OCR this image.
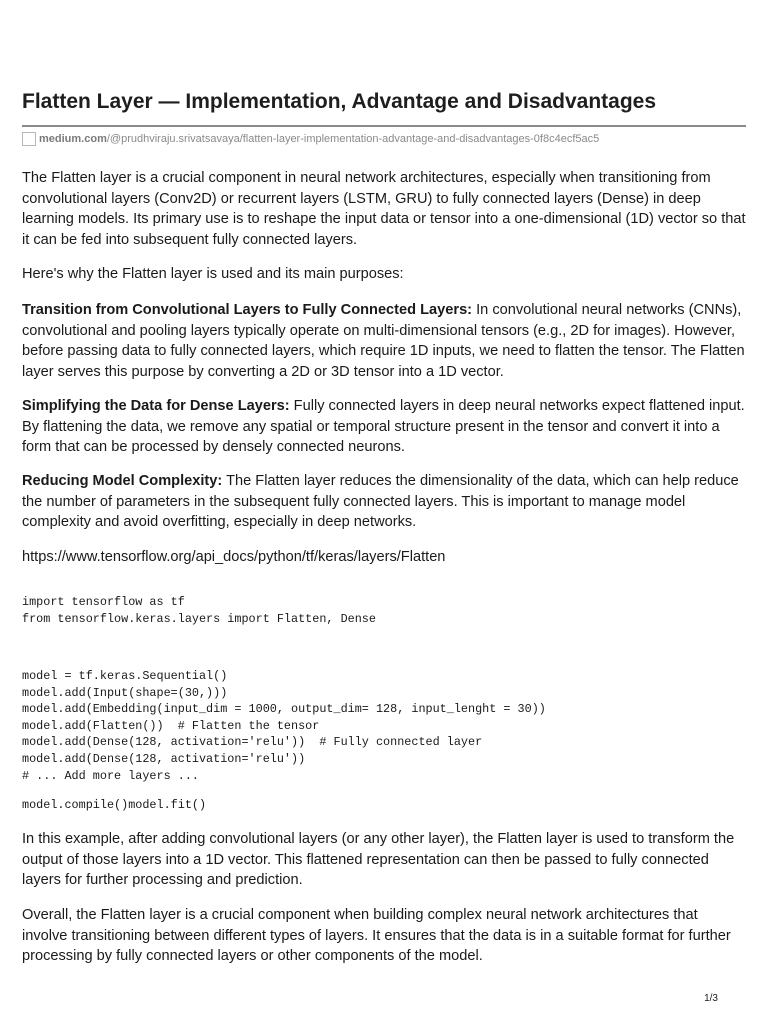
Flatten Layer — Implementation, Advantage and Disadvantages
medium.com /@prudhviraju.srivatsavaya/flatten-layer-implementation-advantage-and-disadvantages-0f8c4ecf5ac5

The Flatten layer is a crucial component in neural network architectures, especially when transitioning from convolutional layers (Conv2D) or recurrent layers (LSTM, GRU) to fully connected layers (Dense) in deep learning models. Its primary use is to reshape the input data or tensor into a one-dimensional (1D) vector so that it can be fed into subsequent fully connected layers.

Here's why the Flatten layer is used and its main purposes:

Transition from Convolutional Layers to Fully Connected Layers: In convolutional neural networks (CNNs), convolutional and pooling layers typically operate on multi-dimensional tensors (e.g., 2D for images). However, before passing data to fully connected layers, which require 1D inputs, we need to flatten the tensor. The Flatten layer serves this purpose by converting a 2D or 3D tensor into a 1D vector.

Simplifying the Data for Dense Layers: Fully connected layers in deep neural networks expect flattened input. By flattening the data, we remove any spatial or temporal structure present in the tensor and convert it into a form that can be processed by densely connected neurons.

Reducing Model Complexity: The Flatten layer reduces the dimensionality of the data, which can help reduce the number of parameters in the subsequent fully connected layers. This is important to manage model complexity and avoid overfitting, especially in deep networks.

https://www.tensorflow.org/api_docs/python/tf/keras/layers/Flatten

import tensorflow as tf
from tensorflow.keras.layers import Flatten, Dense
model = tf.keras.Sequential()
model.add(Input(shape=(30,)))
model.add(Embedding(input_dim = 1000, output_dim= 128, input_lenght = 30))
model.add(Flatten())  # Flatten the tensor
model.add(Dense(128, activation='relu'))  # Fully connected layer
model.add(Dense(128, activation='relu'))
# ... Add more layers ...
model.compile()model.fit()

In this example, after adding convolutional layers (or any other layer), the Flatten layer is used to transform the output of those layers into a 1D vector. This flattened representation can then be passed to fully connected layers for further processing and prediction.

Overall, the Flatten layer is a crucial component when building complex neural network architectures that involve transitioning between different types of layers. It ensures that the data is in a suitable format for further processing by fully connected layers or other components of the model.

1/3
